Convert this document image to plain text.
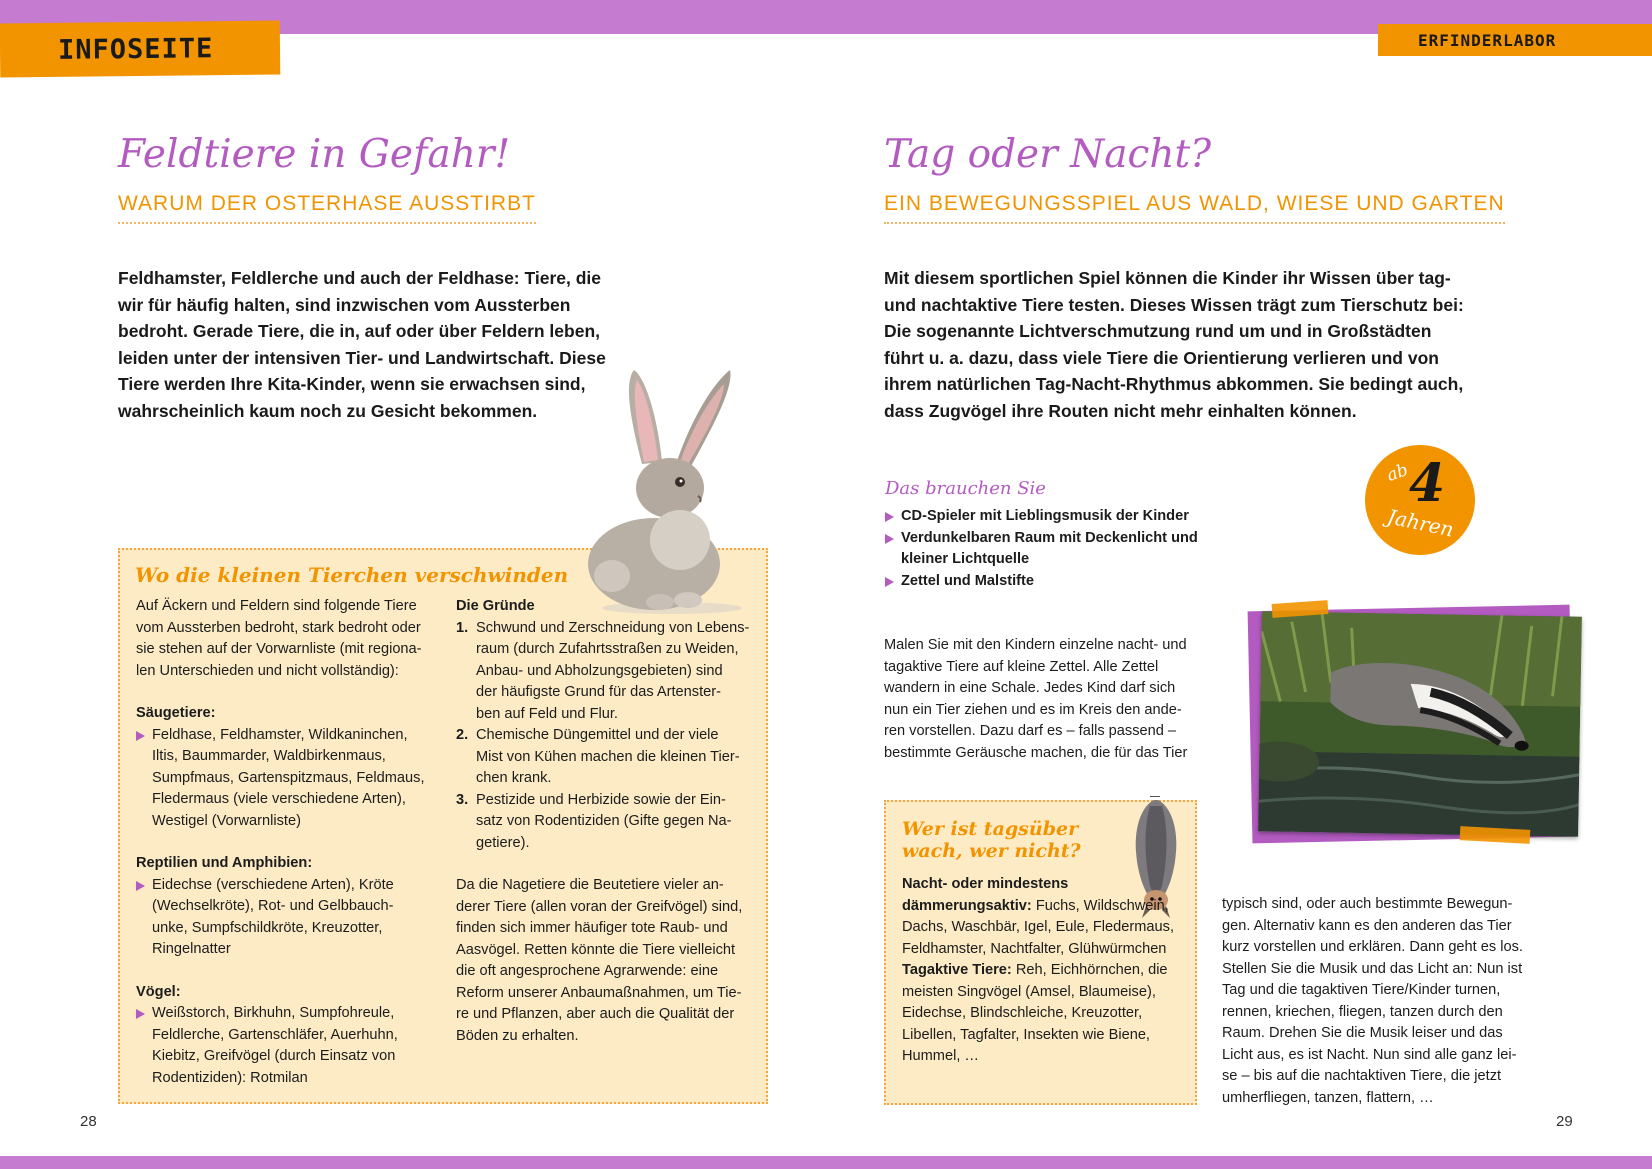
INFOSEITE	ERFINDERLABOR
Feldtiere in Gefahr!
WARUM DER OSTERHASE AUSSTIRBT
Feldhamster, Feldlerche und auch der Feldhase: Tiere, die
wir für häufig halten, sind inzwischen vom Aussterben
bedroht. Gerade Tiere, die in, auf oder über Feldern leben,
leiden unter der intensiven Tier- und Landwirtschaft. Diese
Tiere werden Ihre Kita-Kinder, wenn sie erwachsen sind,
wahrscheinlich kaum noch zu Gesicht bekommen.
Wo die kleinen Tierchen verschwinden

Auf Äckern und Feldern sind folgende Tiere

vom Aussterben bedroht, stark bedroht oder

sie stehen auf der Vorwarnliste (mit regiona-

len Unterschieden und nicht vollständig):

Säugetiere:

Feldhase, Feldhamster, Wildkaninchen,

Iltis, Baummarder, Waldbirkenmaus,

Sumpfmaus, Gartenspitzmaus, Feldmaus,

Fledermaus (viele verschiedene Arten),

Westigel (Vorwarnliste)

Reptilien und Amphibien:

Eidechse (verschiedene Arten), Kröte

(Wechselkröte), Rot- und Gelbbauch-

unke, Sumpfschildkröte, Kreuzotter,

Ringelnatter

Vögel:

Weißstorch, Birkhuhn, Sumpfohreule,

Feldlerche, Gartenschläfer, Auerhuhn,

Kiebitz, Greifvögel (durch Einsatz von

Rodentiziden): Rotmilan

Die Gründe

1. Schwund und Zerschneidung von Lebens-

raum (durch Zufahrtsstraßen zu Weiden,

Anbau- und Abholzungsgebieten) sind

der häufigste Grund für das Artenster-

ben auf Feld und Flur.

2. Chemische Düngemittel und der viele

Mist von Kühen machen die kleinen Tier-

chen krank.

3. Pestizide und Herbizide sowie der Ein-

satz von Rodentiziden (Gifte gegen Na-

getiere).

Da die Nagetiere die Beutetiere vieler an-

derer Tiere (allen voran der Greifvögel) sind,

finden sich immer häufiger tote Raub- und

Aasvögel. Retten könnte die Tiere vielleicht

die oft angesprochene Agrarwende: eine

Reform unserer Anbaumaßnahmen, um Tie-

re und Pflanzen, aber auch die Qualität der

Böden zu erhalten.

28
Tag oder Nacht?
EIN BEWEGUNGSSPIEL AUS WALD, WIESE UND GARTEN
Mit diesem sportlichen Spiel können die Kinder ihr Wissen über tag-
und nachtaktive Tiere testen. Dieses Wissen trägt zum Tierschutz bei:
Die sogenannte Lichtverschmutzung rund um und in Großstädten
führt u. a. dazu, dass viele Tiere die Orientierung verlieren und von
ihrem natürlichen Tag-Nacht-Rhythmus abkommen. Sie bedingt auch,
dass Zugvögel ihre Routen nicht mehr einhalten können.
Das brauchen Sie
CD-Spieler mit Lieblingsmusik der Kinder
Verdunkelbaren Raum mit Deckenlicht und
kleiner Lichtquelle
Zettel und Malstifte
ab
4
Jahren
Malen Sie mit den Kindern einzelne nacht- und
tagaktive Tiere auf kleine Zettel. Alle Zettel
wandern in eine Schale. Jedes Kind darf sich
nun ein Tier ziehen und es im Kreis den ande-
ren vorstellen. Dazu darf es – falls passend –
bestimmte Geräusche machen, die für das Tier
Wer ist tagsüber wach, wer nicht?
Nacht- oder mindestens dämmerungsaktiv: Fuchs, Wildschwein, Dachs, Waschbär, Igel, Eule, Fledermaus, Feldhamster, Nachtfalter, Glühwürmchen
Tagaktive Tiere: Reh, Eichhörnchen, die meisten Singvögel (Amsel, Blaumeise), Eidechse, Blindschleiche, Kreuzotter, Libellen, Tagfalter, Insekten wie Biene, Hummel, …
typisch sind, oder auch bestimmte Bewegun-
gen. Alternativ kann es den anderen das Tier
kurz vorstellen und erklären. Dann geht es los.
Stellen Sie die Musik und das Licht an: Nun ist
Tag und die tagaktiven Tiere/Kinder turnen,
rennen, kriechen, fliegen, tanzen durch den
Raum. Drehen Sie die Musik leiser und das
Licht aus, es ist Nacht. Nun sind alle ganz lei-
se – bis auf die nachtaktiven Tiere, die jetzt
umherfliegen, tanzen, flattern, …
29
